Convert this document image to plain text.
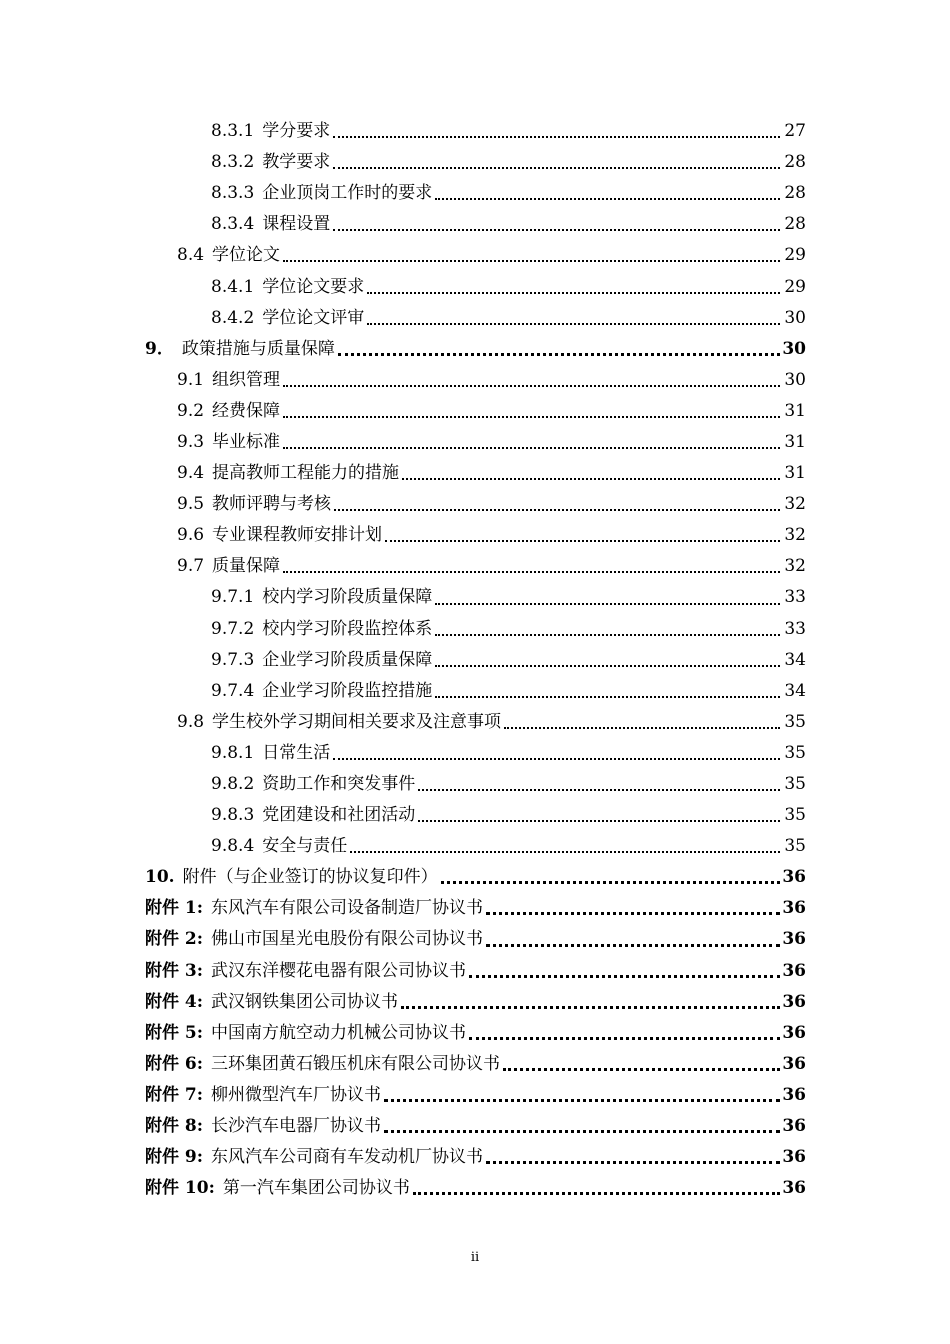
8.3.1 学分要求	27
8.3.2 教学要求	28
8.3.3 企业顶岗工作时的要求	28
8.3.4 课程设置	28
8.4 学位论文	29
8.4.1 学位论文要求	29
8.4.2 学位论文评审	30
9． 政策措施与质量保障	30
9.1 组织管理	30
9.2 经费保障	31
9.3 毕业标准	31
9.4 提高教师工程能力的措施	31
9.5 教师评聘与考核	32
9.6 专业课程教师安排计划	32
9.7 质量保障	32
9.7.1 校内学习阶段质量保障	33
9.7.2 校内学习阶段监控体系	33
9.7.3 企业学习阶段质量保障	34
9.7.4 企业学习阶段监控措施	34
9.8 学生校外学习期间相关要求及注意事项	35
9.8.1 日常生活	35
9.8.2 资助工作和突发事件	35
9.8.3 党团建设和社团活动	35
9.8.4 安全与责任	35
10. 附件（与企业签订的协议复印件）	36
附件 1: 东风汽车有限公司设备制造厂协议书	36
附件 2: 佛山市国星光电股份有限公司协议书	36
附件 3: 武汉东洋樱花电器有限公司协议书	36
附件 4: 武汉钢铁集团公司协议书	36
附件 5: 中国南方航空动力机械公司协议书	36
附件 6: 三环集团黄石锻压机床有限公司协议书	36
附件 7: 柳州微型汽车厂协议书	36
附件 8: 长沙汽车电器厂协议书	36
附件 9: 东风汽车公司商有车发动机厂协议书	36
附件 10: 第一汽车集团公司协议书	36
ii
